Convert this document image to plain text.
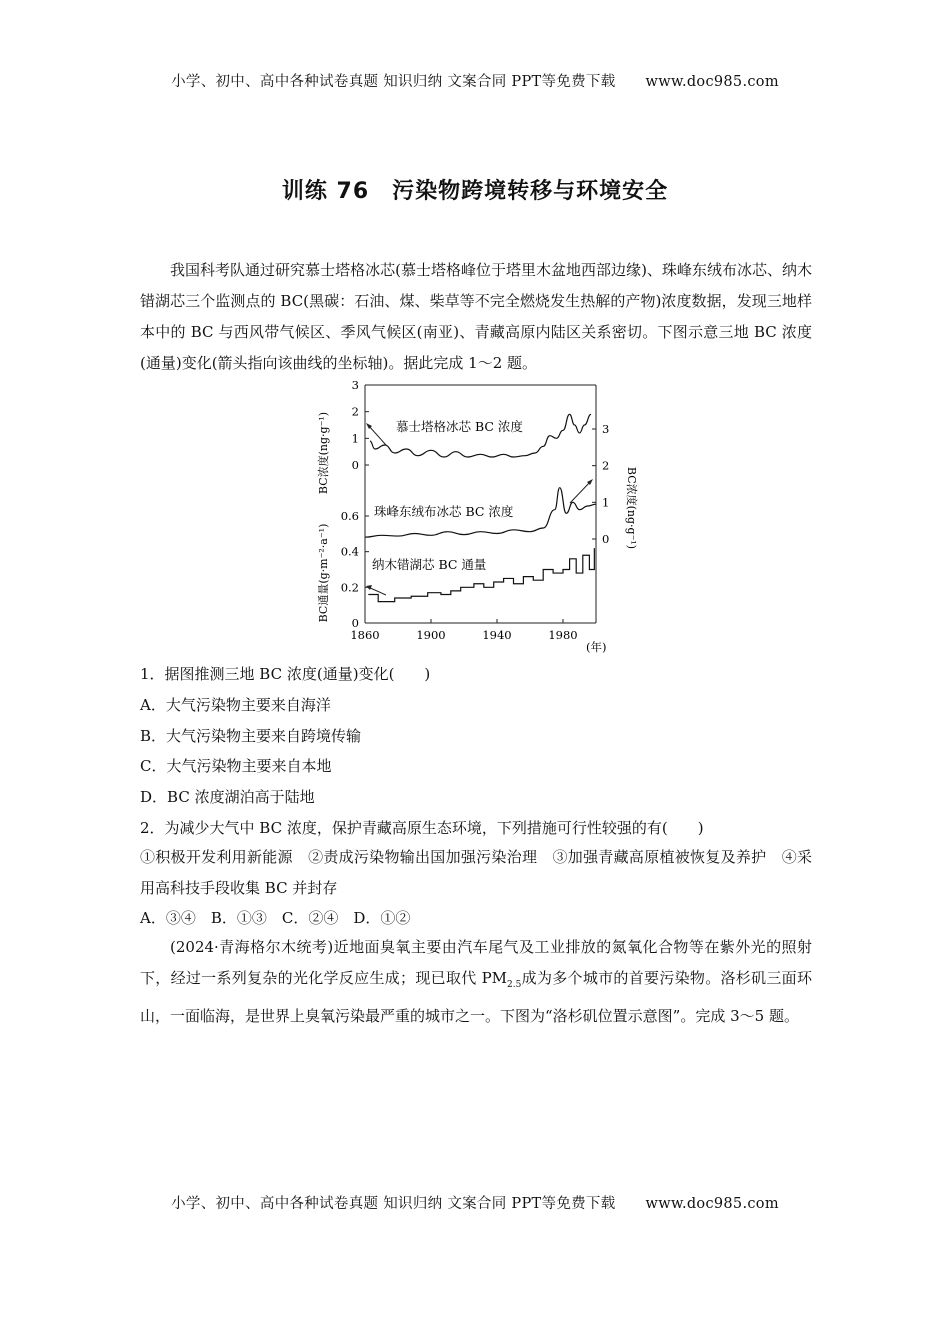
小学、初中、高中各种试卷真题 知识归纳 文案合同 PPT等免费下载 www.doc985.com
训练 76　污染物跨境转移与环境安全
我国科考队通过研究慕士塔格冰芯(慕士塔格峰位于塔里木盆地西部边缘)、珠峰东绒布冰芯、纳木错湖芯三个监测点的 BC(黑碳：石油、煤、柴草等不完全燃烧发生热解的产物)浓度数据，发现三地样本中的 BC 与西风带气候区、季风气候区(南亚)、青藏高原内陆区关系密切。下图示意三地 BC 浓度(通量)变化(箭头指向该曲线的坐标轴)。据此完成 1～2 题。
0
1
2
3
0
0.2
0.4
0.6
0
1
2
3
1860	1900	1940	1980
慕士塔格冰芯 BC 浓度
珠峰东绒布冰芯 BC 浓度
纳木错湖芯 BC 通量
BC浓度(ng·g⁻¹)
BC通量(g·m⁻²·a⁻¹)
BC浓度(ng·g⁻¹)
(年)
1．据图推测三地 BC 浓度(通量)变化(　　)
A．大气污染物主要来自海洋
B．大气污染物主要来自跨境传输
C．大气污染物主要来自本地
D．BC 浓度湖泊高于陆地
2．为减少大气中 BC 浓度，保护青藏高原生态环境，下列措施可行性较强的有(　　)
①积极开发利用新能源　②责成污染物输出国加强污染治理　③加强青藏高原植被恢复及养护　④采用高科技手段收集 BC 并封存
A．③④　B．①③　C．②④　D．①②
(2024·青海格尔木统考)近地面臭氧主要由汽车尾气及工业排放的氮氧化合物等在紫外光的照射下，经过一系列复杂的光化学反应生成；现已取代 $PM_{2.5}$成为多个城市的首要污染物。洛杉矶三面环山，一面临海，是世界上臭氧污染最严重的城市之一。下图为“洛杉矶位置示意图”。完成 3～5 题。
小学、初中、高中各种试卷真题 知识归纳 文案合同 PPT等免费下载 www.doc985.com
